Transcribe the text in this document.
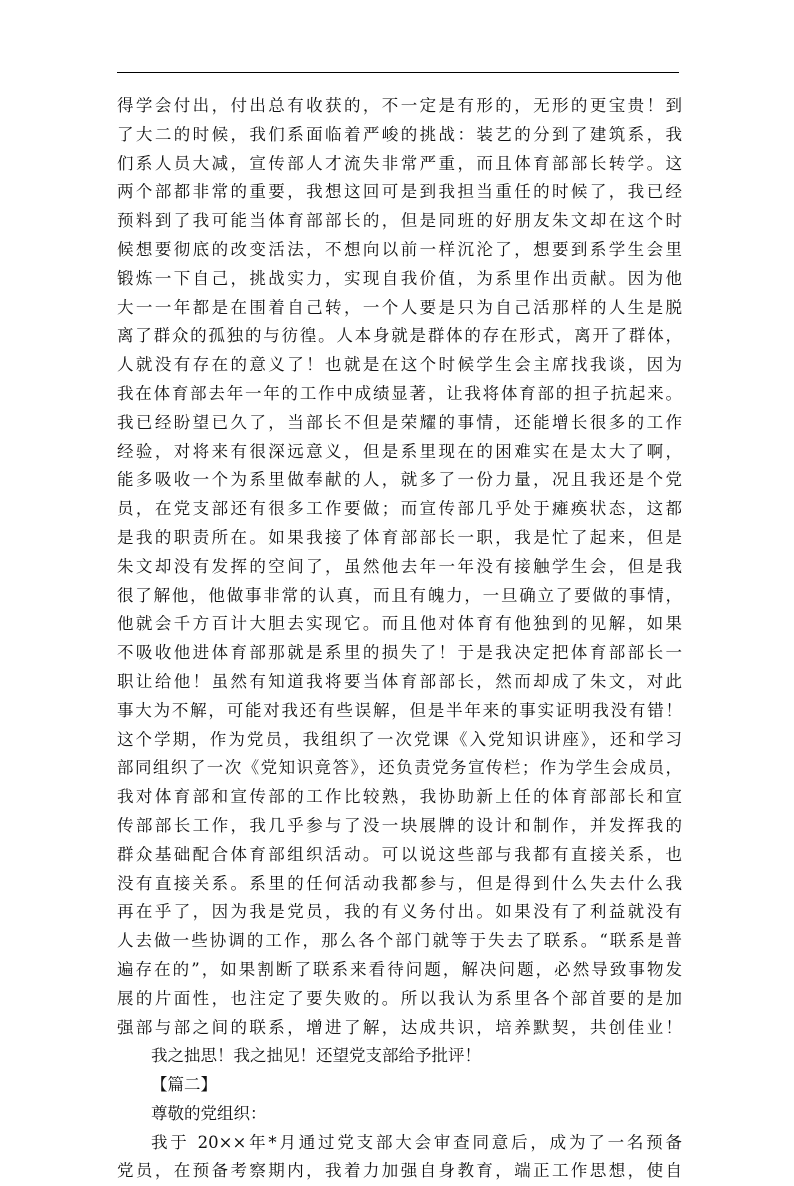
得学会付出，付出总有收获的，不一定是有形的，无形的更宝贵！到
了大二的时候，我们系面临着严峻的挑战：装艺的分到了建筑系，我
们系人员大减，宣传部人才流失非常严重，而且体育部部长转学。这
两个部都非常的重要，我想这回可是到我担当重任的时候了，我已经
预料到了我可能当体育部部长的，但是同班的好朋友朱文却在这个时
候想要彻底的改变活法，不想向以前一样沉沦了，想要到系学生会里
锻炼一下自己，挑战实力，实现自我价值，为系里作出贡献。因为他
大一一年都是在围着自己转，一个人要是只为自己活那样的人生是脱
离了群众的孤独的与彷徨。人本身就是群体的存在形式，离开了群体，
人就没有存在的意义了！也就是在这个时候学生会主席找我谈，因为
我在体育部去年一年的工作中成绩显著，让我将体育部的担子抗起来。
我已经盼望已久了，当部长不但是荣耀的事情，还能增长很多的工作
经验，对将来有很深远意义，但是系里现在的困难实在是太大了啊，
能多吸收一个为系里做奉献的人，就多了一份力量，况且我还是个党
员，在党支部还有很多工作要做；而宣传部几乎处于瘫痪状态，这都
是我的职责所在。如果我接了体育部部长一职，我是忙了起来，但是
朱文却没有发挥的空间了，虽然他去年一年没有接触学生会，但是我
很了解他，他做事非常的认真，而且有魄力，一旦确立了要做的事情，
他就会千方百计大胆去实现它。而且他对体育有他独到的见解，如果
不吸收他进体育部那就是系里的损失了！于是我决定把体育部部长一
职让给他！虽然有知道我将要当体育部部长，然而却成了朱文，对此
事大为不解，可能对我还有些误解，但是半年来的事实证明我没有错！
这个学期，作为党员，我组织了一次党课《入党知识讲座》，还和学习
部同组织了一次《党知识竟答》，还负责党务宣传栏；作为学生会成员，
我对体育部和宣传部的工作比较熟，我协助新上任的体育部部长和宣
传部部长工作，我几乎参与了没一块展牌的设计和制作，并发挥我的
群众基础配合体育部组织活动。可以说这些部与我都有直接关系，也
没有直接关系。系里的任何活动我都参与，但是得到什么失去什么我
再在乎了，因为我是党员，我的有义务付出。如果没有了利益就没有
人去做一些协调的工作，那么各个部门就等于失去了联系。“联系是普
遍存在的”，如果割断了联系来看待问题，解决问题，必然导致事物发
展的片面性，也注定了要失败的。所以我认为系里各个部首要的是加
强部与部之间的联系，增进了解，达成共识，培养默契，共创佳业！
我之拙思！我之拙见！还望党支部给予批评！
【篇二】
尊敬的党组织：
我于 20××年*月通过党支部大会审查同意后，成为了一名预备
党员，在预备考察期内，我着力加强自身教育，端正工作思想，使自
